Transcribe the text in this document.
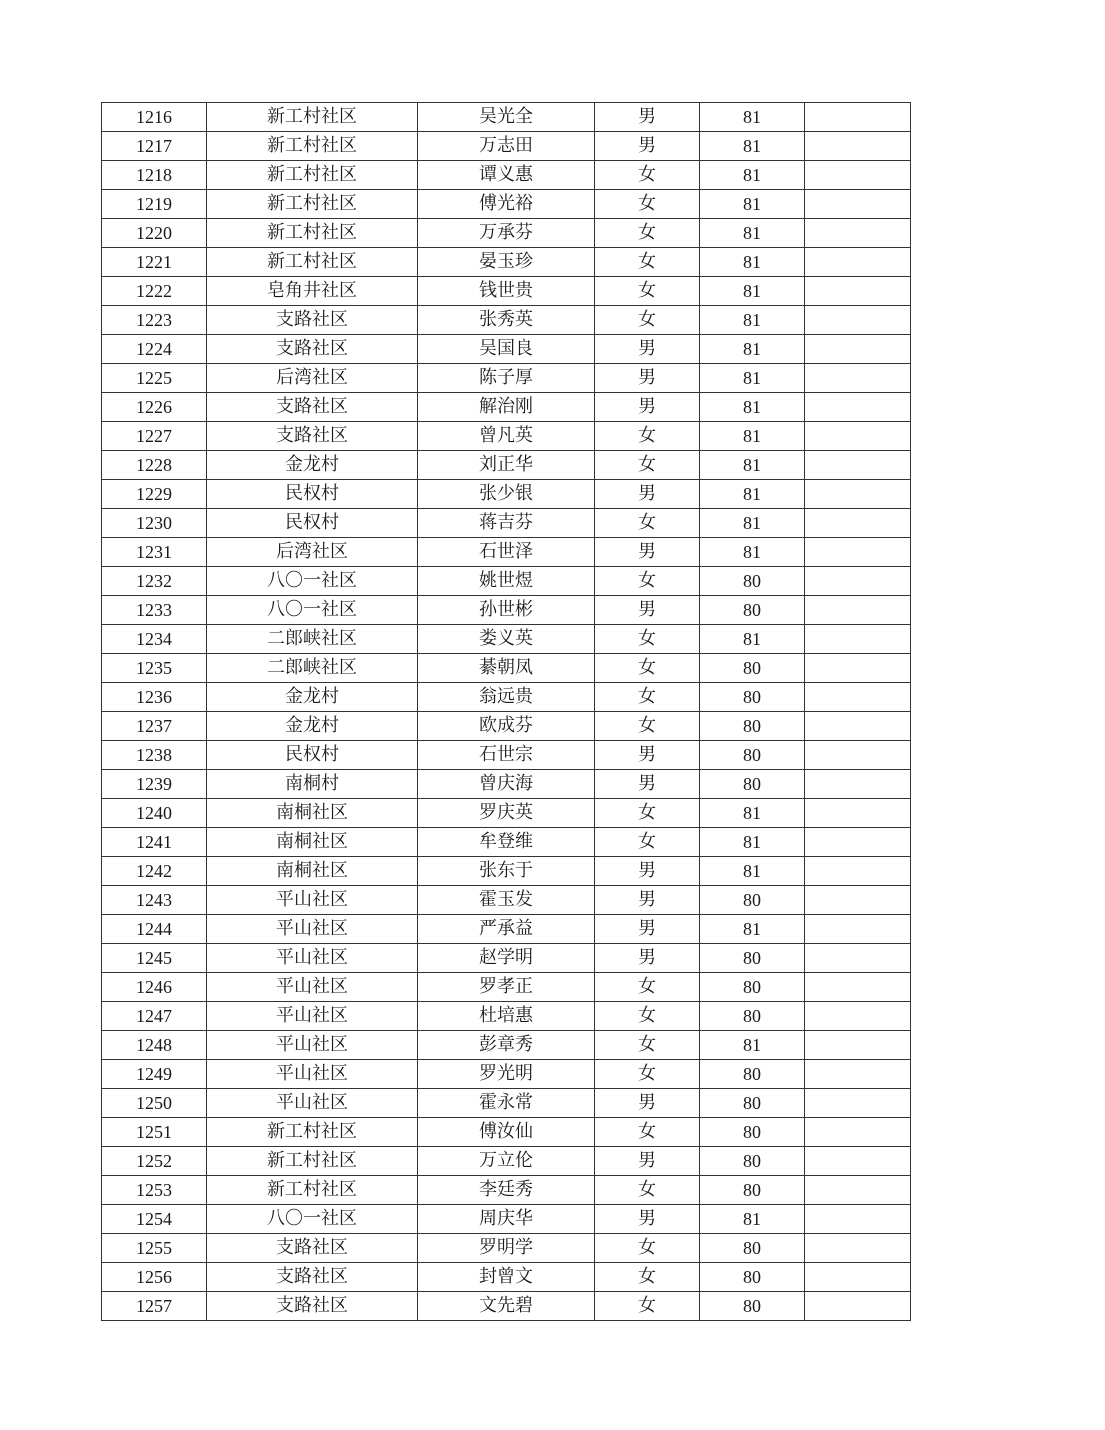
1216	新工村社区	吴光全	男	81	
1217	新工村社区	万志田	男	81	
1218	新工村社区	谭义惠	女	81	
1219	新工村社区	傅光裕	女	81	
1220	新工村社区	万承芬	女	81	
1221	新工村社区	晏玉珍	女	81	
1222	皂角井社区	钱世贵	女	81	
1223	支路社区	张秀英	女	81	
1224	支路社区	吴国良	男	81	
1225	后湾社区	陈子厚	男	81	
1226	支路社区	解治刚	男	81	
1227	支路社区	曾凡英	女	81	
1228	金龙村	刘正华	女	81	
1229	民权村	张少银	男	81	
1230	民权村	蒋吉芬	女	81	
1231	后湾社区	石世泽	男	81	
1232	八〇一社区	姚世煜	女	80	
1233	八〇一社区	孙世彬	男	80	
1234	二郎峡社区	娄义英	女	81	
1235	二郎峡社区	綦朝凤	女	80	
1236	金龙村	翁远贵	女	80	
1237	金龙村	欧成芬	女	80	
1238	民权村	石世宗	男	80	
1239	南桐村	曾庆海	男	80	
1240	南桐社区	罗庆英	女	81	
1241	南桐社区	牟登维	女	81	
1242	南桐社区	张东于	男	81	
1243	平山社区	霍玉发	男	80	
1244	平山社区	严承益	男	81	
1245	平山社区	赵学明	男	80	
1246	平山社区	罗孝正	女	80	
1247	平山社区	杜培惠	女	80	
1248	平山社区	彭章秀	女	81	
1249	平山社区	罗光明	女	80	
1250	平山社区	霍永常	男	80	
1251	新工村社区	傅汝仙	女	80	
1252	新工村社区	万立伦	男	80	
1253	新工村社区	李廷秀	女	80	
1254	八〇一社区	周庆华	男	81	
1255	支路社区	罗明学	女	80	
1256	支路社区	封曾文	女	80	
1257	支路社区	文先碧	女	80	
